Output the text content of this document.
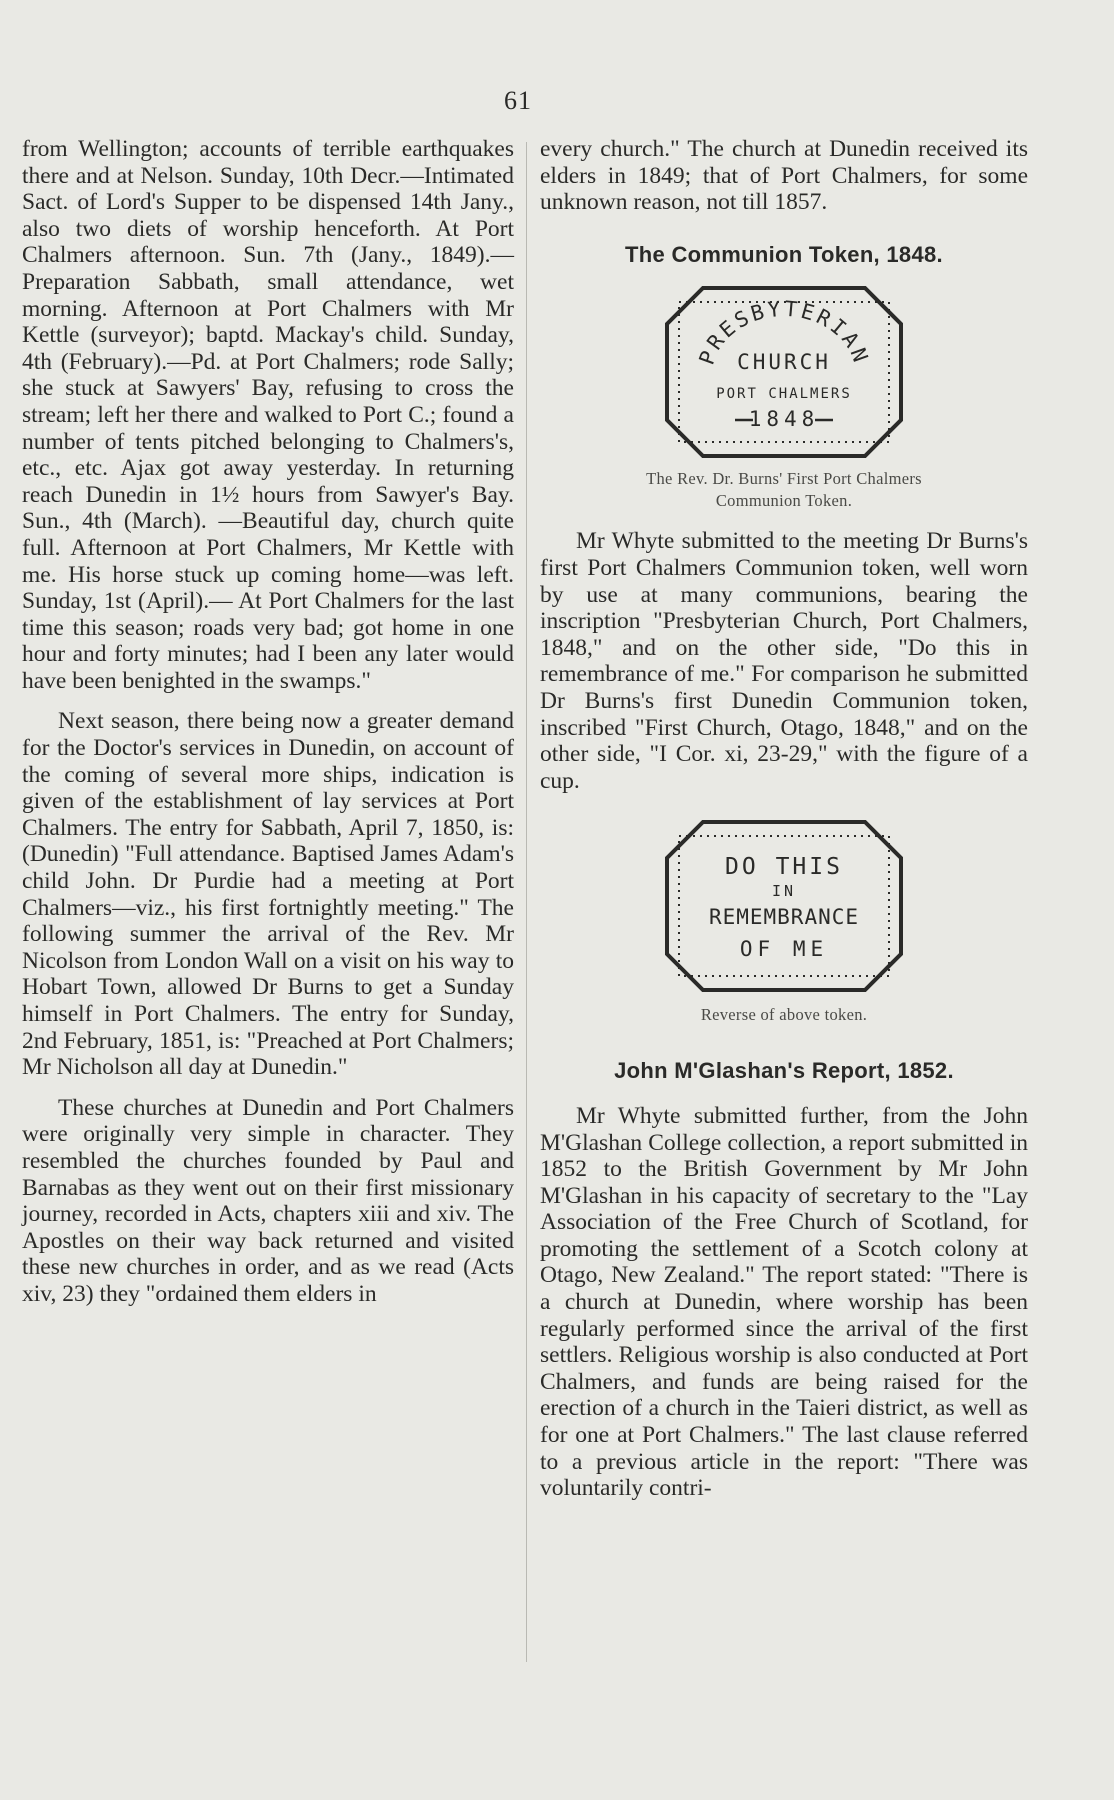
61

from Wellington; accounts of terrible earthquakes there and at Nelson. Sunday, 10th Decr.—Intimated Sact. of Lord's Supper to be dispensed 14th Jany., also two diets of worship henceforth. At Port Chalmers afternoon. Sun. 7th (Jany., 1849).—Preparation Sabbath, small attendance, wet morning. Afternoon at Port Chalmers with Mr Kettle (surveyor); baptd. Mackay's child. Sunday, 4th (February).—Pd. at Port Chalmers; rode Sally; she stuck at Sawyers' Bay, refusing to cross the stream; left her there and walked to Port C.; found a number of tents pitched belonging to Chalmers's, etc., etc. Ajax got away yesterday. In returning reach Dunedin in 1½ hours from Sawyer's Bay. Sun., 4th (March). —Beautiful day, church quite full. Afternoon at Port Chalmers, Mr Kettle with me. His horse stuck up coming home—was left. Sunday, 1st (April).— At Port Chalmers for the last time this season; roads very bad; got home in one hour and forty minutes; had I been any later would have been benighted in the swamps."

Next season, there being now a greater demand for the Doctor's services in Dunedin, on account of the coming of several more ships, indication is given of the establishment of lay services at Port Chalmers. The entry for Sabbath, April 7, 1850, is: (Dunedin) "Full attendance. Baptised James Adam's child John. Dr Purdie had a meeting at Port Chalmers—viz., his first fortnightly meeting." The following summer the arrival of the Rev. Mr Nicolson from London Wall on a visit on his way to Hobart Town, allowed Dr Burns to get a Sunday himself in Port Chalmers. The entry for Sunday, 2nd February, 1851, is: "Preached at Port Chalmers; Mr Nicholson all day at Dunedin."

These churches at Dunedin and Port Chalmers were originally very simple in character. They resembled the churches founded by Paul and Barnabas as they went out on their first missionary journey, recorded in Acts, chapters xiii and xiv. The Apostles on their way back returned and visited these new churches in order, and as we read (Acts xiv, 23) they "ordained them elders in

every church." The church at Dunedin received its elders in 1849; that of Port Chalmers, for some unknown reason, not till 1857.

The Communion Token, 1848.
PRESBYTERIAN
CHURCH
PORT CHALMERS
1848
The Rev. Dr. Burns' First Port Chalmers
Communion Token.

Mr Whyte submitted to the meeting Dr Burns's first Port Chalmers Communion token, well worn by use at many communions, bearing the inscription "Presbyterian Church, Port Chalmers, 1848," and on the other side, "Do this in remembrance of me." For comparison he submitted Dr Burns's first Dunedin Communion token, inscribed "First Church, Otago, 1848," and on the other side, "I Cor. xi, 23-29," with the figure of a cup.

DO THIS
IN
REMEMBRANCE
OF ME
Reverse of above token.
John M'Glashan's Report, 1852.

Mr Whyte submitted further, from the John M'Glashan College collection, a report submitted in 1852 to the British Government by Mr John M'Glashan in his capacity of secretary to the "Lay Association of the Free Church of Scotland, for promoting the settlement of a Scotch colony at Otago, New Zealand." The report stated: "There is a church at Dunedin, where worship has been regularly performed since the arrival of the first settlers. Religious worship is also conducted at Port Chalmers, and funds are being raised for the erection of a church in the Taieri district, as well as for one at Port Chalmers." The last clause referred to a previous article in the report: "There was voluntarily contri-
